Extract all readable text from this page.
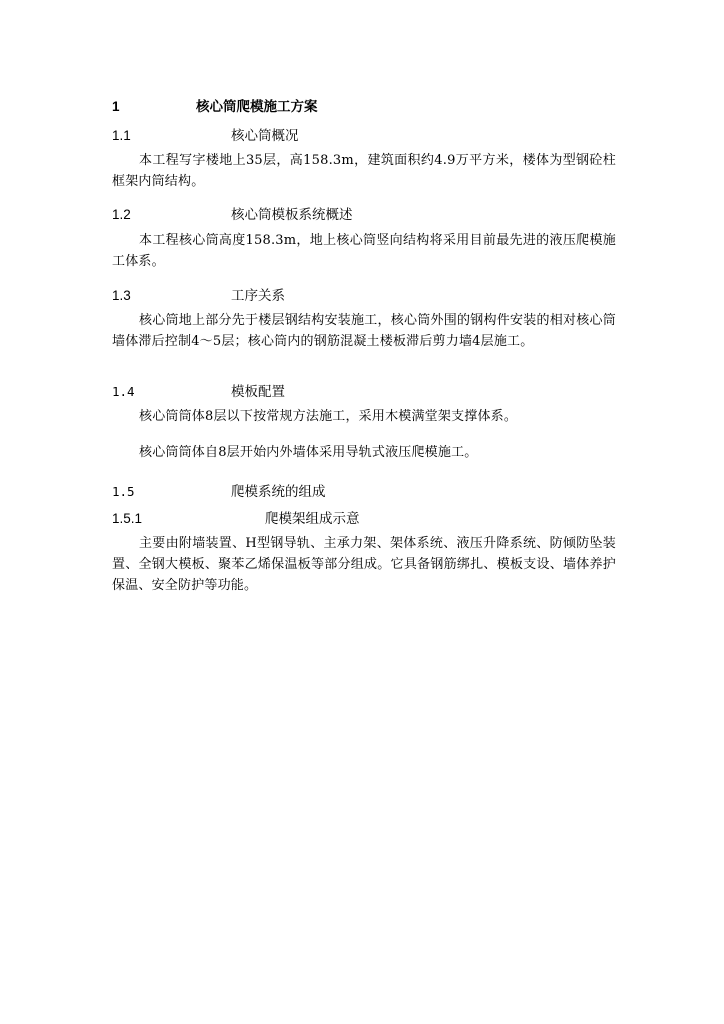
1	核心筒爬模施工方案
1.1	核心筒概况

本工程写字楼地上35层，高158.3m，建筑面积约4.9万平方米，楼体为型钢砼柱框架内筒结构。

1.2	核心筒模板系统概述

本工程核心筒高度158.3m，地上核心筒竖向结构将采用目前最先进的液压爬模施工体系。

1.3	工序关系

核心筒地上部分先于楼层钢结构安装施工，核心筒外围的钢构件安装的相对核心筒墙体滞后控制4～5层；核心筒内的钢筋混凝土楼板滞后剪力墙4层施工。

1.4	模板配置

核心筒筒体8层以下按常规方法施工，采用木模满堂架支撑体系。

核心筒筒体自8层开始内外墙体采用导轨式液压爬模施工。

1.5	爬模系统的组成
1.5.1	爬模架组成示意

主要由附墙装置、H型钢导轨、主承力架、架体系统、液压升降系统、防倾防坠装置、全钢大模板、聚苯乙烯保温板等部分组成。它具备钢筋绑扎、模板支设、墙体养护保温、安全防护等功能。
